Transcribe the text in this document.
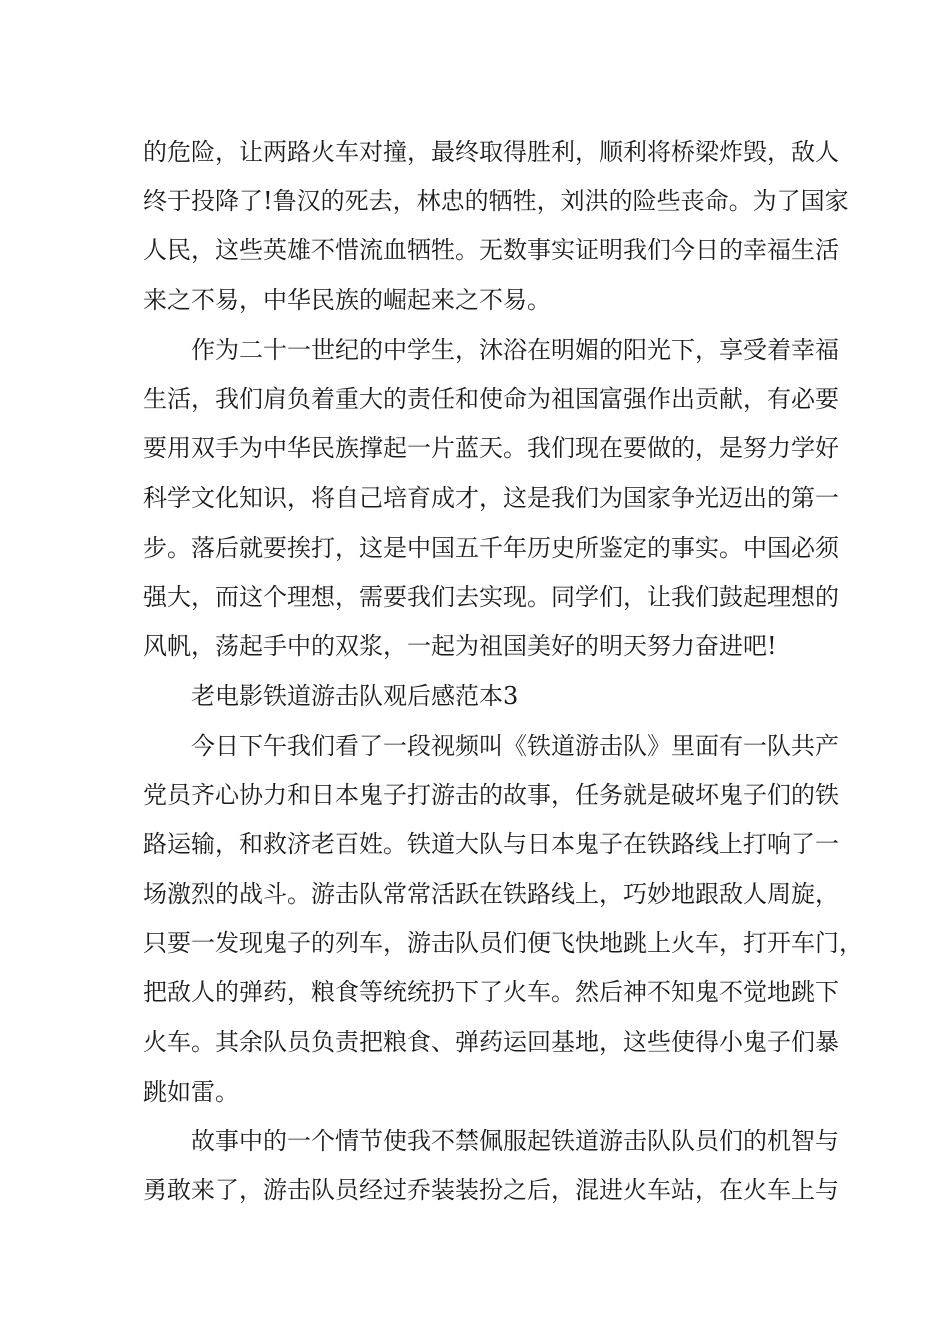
的危险，让两路火车对撞，最终取得胜利，顺利将桥梁炸毁，敌人

终于投降了!鲁汉的死去，林忠的牺牲，刘洪的险些丧命。为了国家

人民，这些英雄不惜流血牺牲。无数事实证明我们今日的幸福生活

来之不易，中华民族的崛起来之不易。

作为二十一世纪的中学生，沐浴在明媚的阳光下，享受着幸福

生活，我们肩负着重大的责任和使命为祖国富强作出贡献，有必要

要用双手为中华民族撑起一片蓝天。我们现在要做的，是努力学好

科学文化知识，将自己培育成才，这是我们为国家争光迈出的第一

步。落后就要挨打，这是中国五千年历史所鉴定的事实。中国必须

强大，而这个理想，需要我们去实现。同学们，让我们鼓起理想的

风帆，荡起手中的双浆，一起为祖国美好的明天努力奋进吧!

老电影铁道游击队观后感范本3

今日下午我们看了一段视频叫《铁道游击队》里面有一队共产

党员齐心协力和日本鬼子打游击的故事，任务就是破坏鬼子们的铁

路运输，和救济老百姓。铁道大队与日本鬼子在铁路线上打响了一

场激烈的战斗。游击队常常活跃在铁路线上，巧妙地跟敌人周旋，

只要一发现鬼子的列车，游击队员们便飞快地跳上火车，打开车门，

把敌人的弹药，粮食等统统扔下了火车。然后神不知鬼不觉地跳下

火车。其余队员负责把粮食、弹药运回基地，这些使得小鬼子们暴

跳如雷。

故事中的一个情节使我不禁佩服起铁道游击队队员们的机智与

勇敢来了，游击队员经过乔装装扮之后，混进火车站，在火车上与
